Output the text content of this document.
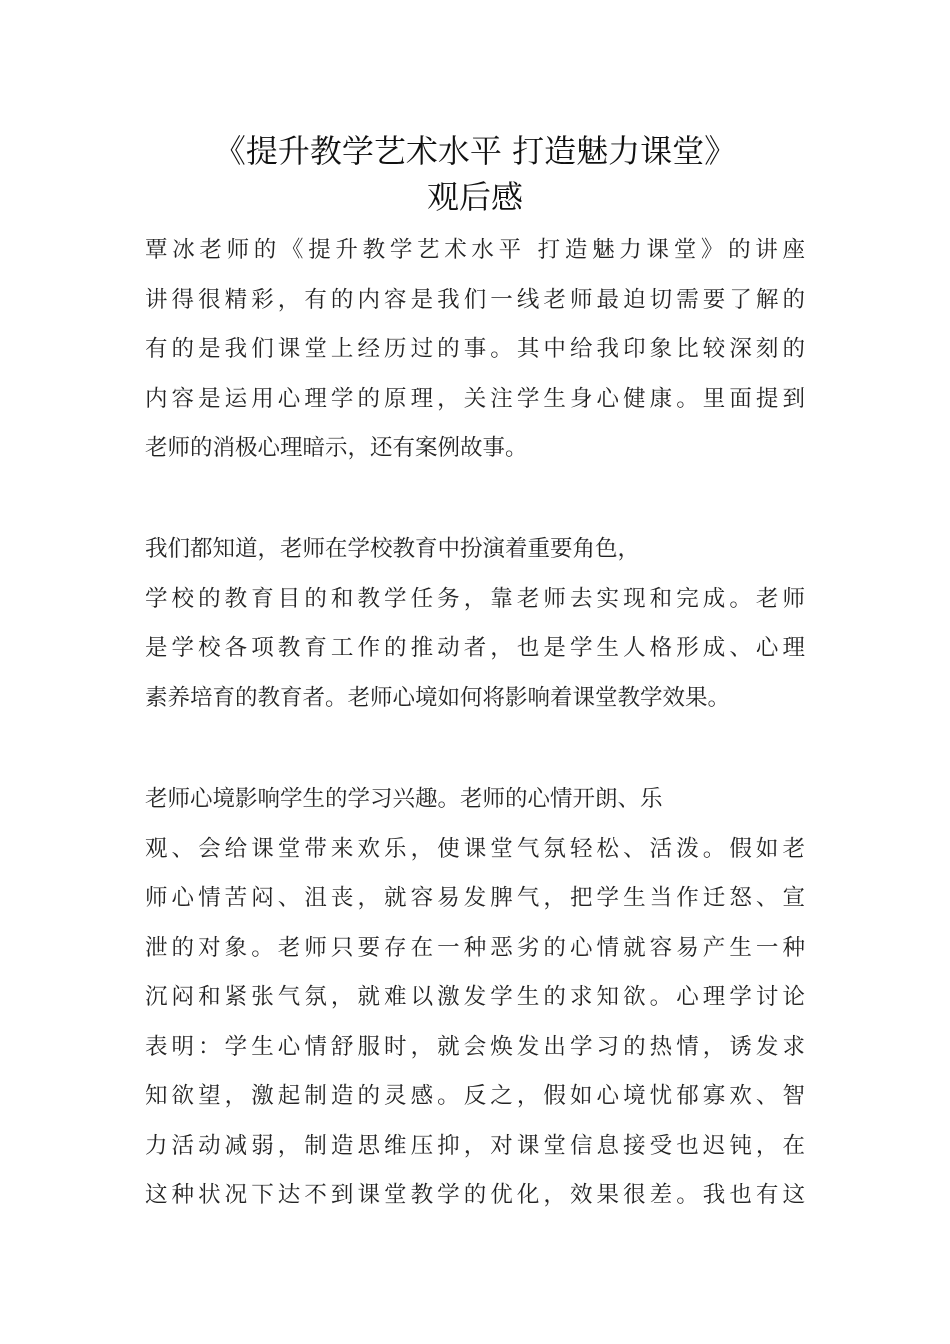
《提升教学艺术水平 打造魅力课堂》
观后感
覃冰老师的《提升教学艺术水平 打造魅力课堂》的讲座
讲得很精彩，有的内容是我们一线老师最迫切需要了解的
有的是我们课堂上经历过的事。其中给我印象比较深刻的
内容是运用心理学的原理，关注学生身心健康。里面提到
老师的消极心理暗示，还有案例故事。
我们都知道，老师在学校教育中扮演着重要角色，
学校的教育目的和教学任务，靠老师去实现和完成。老师
是学校各项教育工作的推动者，也是学生人格形成、心理
素养培育的教育者。老师心境如何将影响着课堂教学效果。
老师心境影响学生的学习兴趣。老师的心情开朗、乐
观、会给课堂带来欢乐，使课堂气氛轻松、活泼。假如老
师心情苦闷、沮丧，就容易发脾气，把学生当作迁怒、宣
泄的对象。老师只要存在一种恶劣的心情就容易产生一种
沉闷和紧张气氛，就难以激发学生的求知欲。心理学讨论
表明：学生心情舒服时，就会焕发出学习的热情，诱发求
知欲望，激起制造的灵感。反之，假如心境忧郁寡欢、智
力活动减弱，制造思维压抑，对课堂信息接受也迟钝，在
这种状况下达不到课堂教学的优化，效果很差。我也有这
